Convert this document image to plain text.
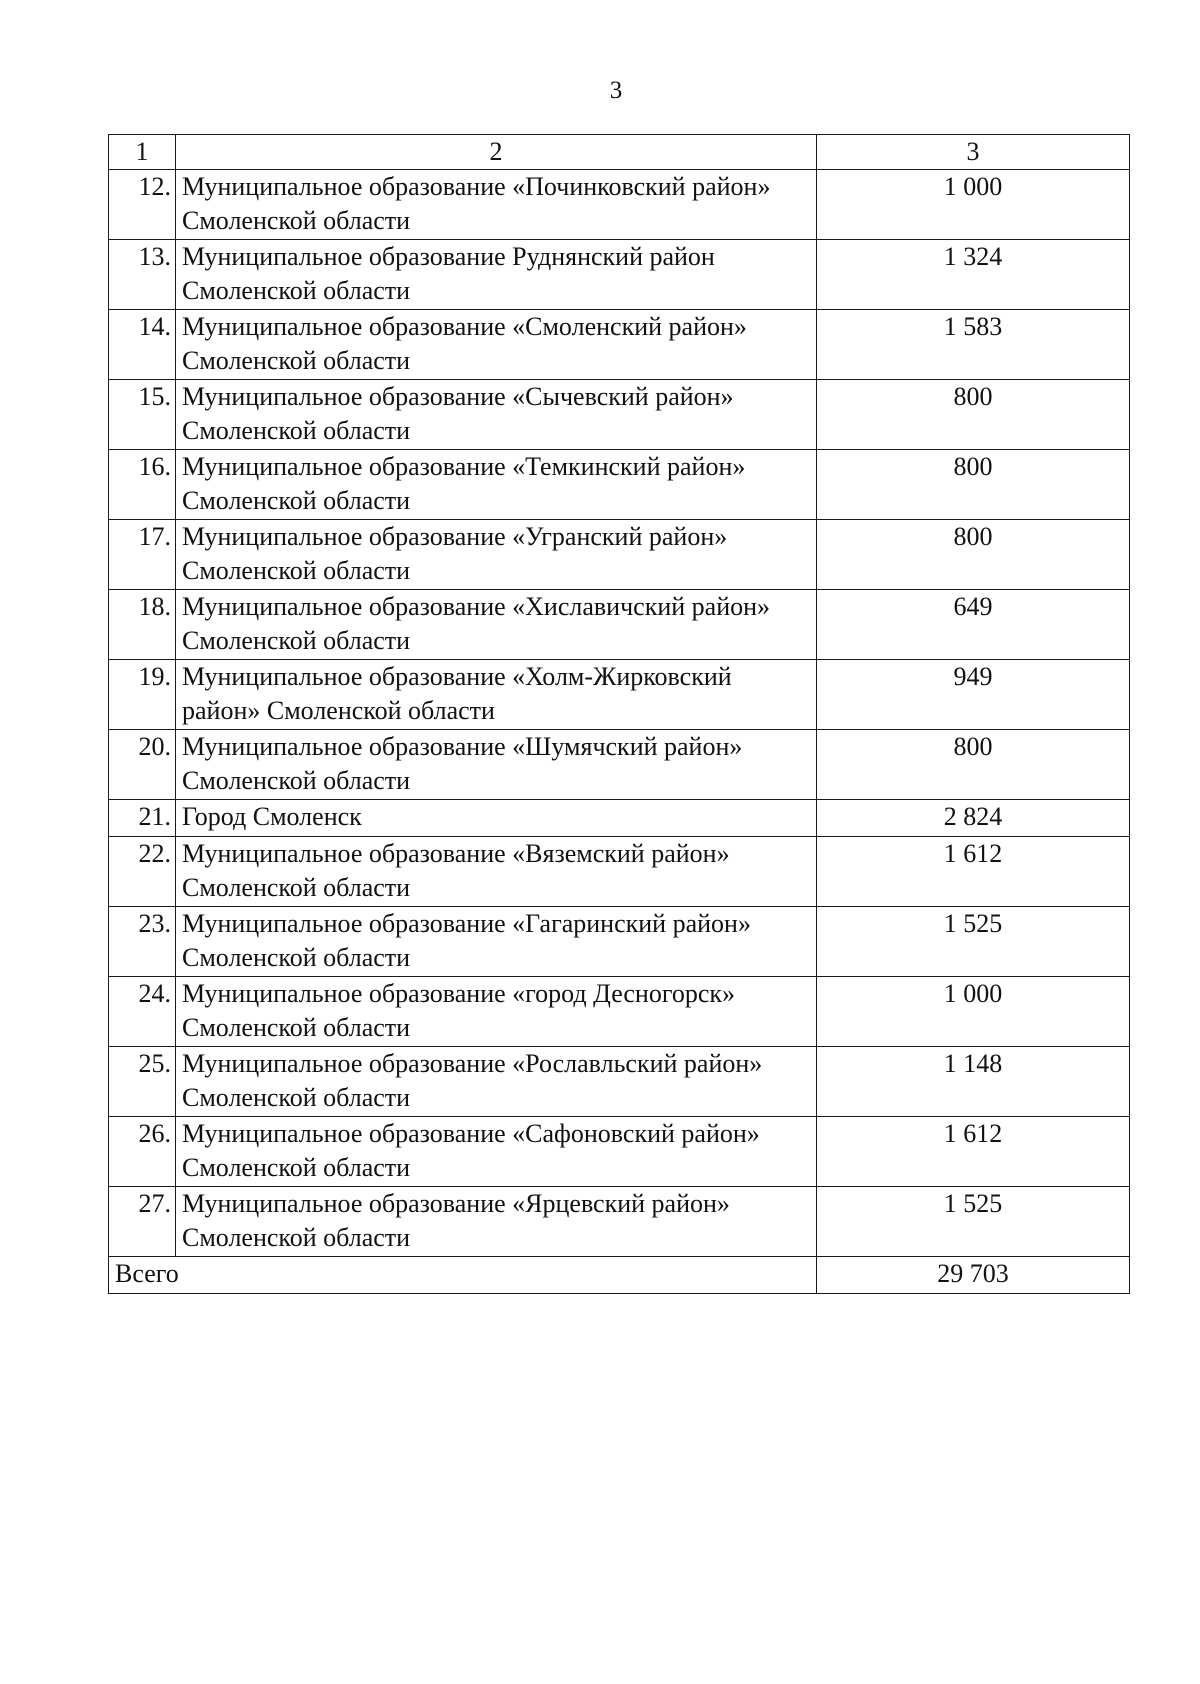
3
1	2	3
12.	Муниципальное образование «Починковский район» Смоленской области	1 000
13.	Муниципальное образование Руднянский район Смоленской области	1 324
14.	Муниципальное образование «Смоленский район» Смоленской области	1 583
15.	Муниципальное образование «Сычевский район» Смоленской области	800
16.	Муниципальное образование «Темкинский район» Смоленской области	800
17.	Муниципальное образование «Угранский район» Смоленской области	800
18.	Муниципальное образование «Хиславичский район» Смоленской области	649
19.	Муниципальное образование «Холм-Жирковский район» Смоленской области	949
20.	Муниципальное образование «Шумячский район» Смоленской области	800
21.	Город Смоленск	2 824
22.	Муниципальное образование «Вяземский район» Смоленской области	1 612
23.	Муниципальное образование «Гагаринский район» Смоленской области	1 525
24.	Муниципальное образование «город Десногорск» Смоленской области	1 000
25.	Муниципальное образование «Рославльский район» Смоленской области	1 148
26.	Муниципальное образование «Сафоновский район» Смоленской области	1 612
27.	Муниципальное образование «Ярцевский район» Смоленской области	1 525
Всего		29 703
